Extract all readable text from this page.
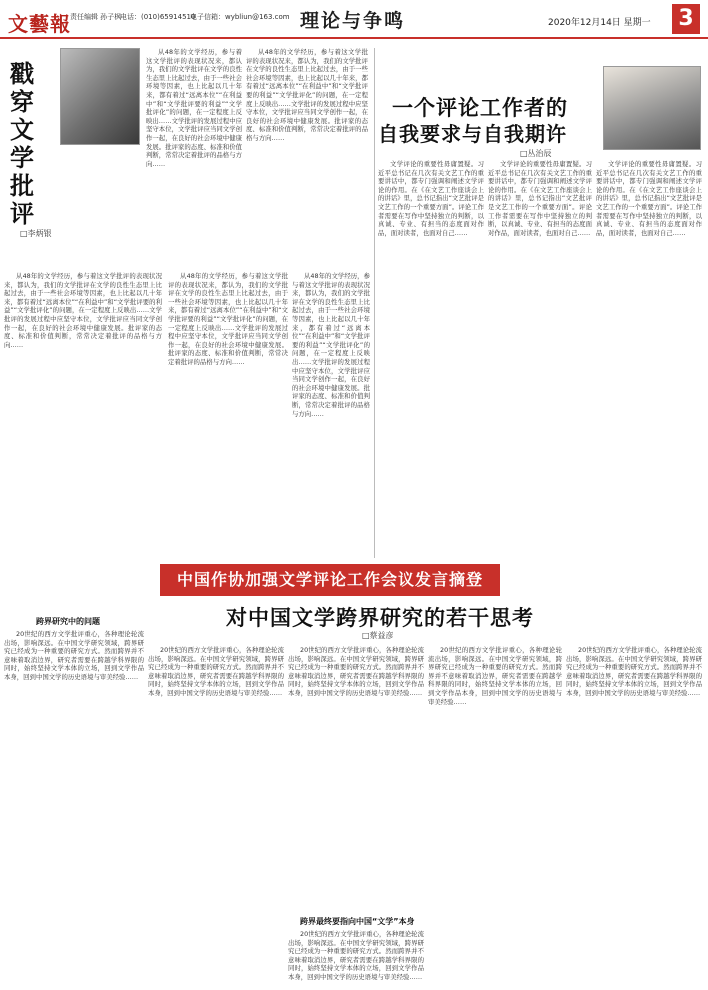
文藝報 责任编辑 孙子枫
电话：(010)65914510
电子信箱：wybliun@163.com 理论与争鸣	2020年12月14日 星期一 3
戳穿文学批评
□李炳银
从48年的文学经历，参与着这文学批评的表现状况来，都认为，我们的文学批评在文学的良性生态里上比起过去，由于一些社会环境等因素，也上比起以几十年来，都有着过“远离本位”“在利益中”和“文学批评要的利益”“文学批评化”的问题，在一定程度上反映出……文学批评的发展过程中应坚守本位，文学批评应当同文学创作一起，在良好的社会环境中健康发展。批评家的态度、标准和价值判断，常常决定着批评的品格与方向……
从48年的文学经历，参与着这文学批评的表现状况来，都认为，我们的文学批评在文学的良性生态里上比起过去，由于一些社会环境等因素，也上比起以几十年来，都有着过“远离本位”“在利益中”和“文学批评要的利益”“文学批评化”的问题，在一定程度上反映出……文学批评的发展过程中应坚守本位，文学批评应当同文学创作一起，在良好的社会环境中健康发展。批评家的态度、标准和价值判断，常常决定着批评的品格与方向……
从48年的文学经历，参与着这文学批评的表现状况来，都认为，我们的文学批评在文学的良性生态里上比起过去，由于一些社会环境等因素，也上比起以几十年来，都有着过“远离本位”“在利益中”和“文学批评要的利益”“文学批评化”的问题，在一定程度上反映出……文学批评的发展过程中应坚守本位，文学批评应当同文学创作一起，在良好的社会环境中健康发展。批评家的态度、标准和价值判断，常常决定着批评的品格与方向……
从48年的文学经历，参与着这文学批评的表现状况来，都认为，我们的文学批评在文学的良性生态里上比起过去，由于一些社会环境等因素，也上比起以几十年来，都有着过“远离本位”“在利益中”和“文学批评要的利益”“文学批评化”的问题，在一定程度上反映出……文学批评的发展过程中应坚守本位，文学批评应当同文学创作一起，在良好的社会环境中健康发展。批评家的态度、标准和价值判断，常常决定着批评的品格与方向……
从48年的文学经历，参与着这文学批评的表现状况来，都认为，我们的文学批评在文学的良性生态里上比起过去，由于一些社会环境等因素，也上比起以几十年来，都有着过“远离本位”“在利益中”和“文学批评要的利益”“文学批评化”的问题，在一定程度上反映出……文学批评的发展过程中应坚守本位，文学批评应当同文学创作一起，在良好的社会环境中健康发展。批评家的态度、标准和价值判断，常常决定着批评的品格与方向……
一个评论工作者的
自我要求与自我期许
□丛治辰
文学评论的重要性毋庸置疑。习近平总书记在几次有关文艺工作的重要讲话中，都专门强调和阐述文学评论的作用。在《在文艺工作座谈会上的讲话》里，总书记指出“文艺批评是文艺工作的一个重要方面”。评论工作者需要在写作中坚持独立的判断，以真诚、专业、有担当的态度面对作品，面对读者，也面对自己……
文学评论的重要性毋庸置疑。习近平总书记在几次有关文艺工作的重要讲话中，都专门强调和阐述文学评论的作用。在《在文艺工作座谈会上的讲话》里，总书记指出“文艺批评是文艺工作的一个重要方面”。评论工作者需要在写作中坚持独立的判断，以真诚、专业、有担当的态度面对作品，面对读者，也面对自己……
文学评论的重要性毋庸置疑。习近平总书记在几次有关文艺工作的重要讲话中，都专门强调和阐述文学评论的作用。在《在文艺工作座谈会上的讲话》里，总书记指出“文艺批评是文艺工作的一个重要方面”。评论工作者需要在写作中坚持独立的判断，以真诚、专业、有担当的态度面对作品，面对读者，也面对自己……
中国作协加强文学评论工作会议发言摘登
对中国文学跨界研究的若干思考
□蔡益彦
跨界研究中的问题
20世纪的西方文学批评重心，各种理论轮流出场，影响深远。在中国文学研究领域，跨界研究已经成为一种重要的研究方式。然而跨界并不意味着取消边界，研究者需要在跨越学科界限的同时，始终坚持文学本体的立场，回到文学作品本身，回到中国文学的历史语境与审美经验……
20世纪的西方文学批评重心，各种理论轮流出场，影响深远。在中国文学研究领域，跨界研究已经成为一种重要的研究方式。然而跨界并不意味着取消边界，研究者需要在跨越学科界限的同时，始终坚持文学本体的立场，回到文学作品本身，回到中国文学的历史语境与审美经验……
20世纪的西方文学批评重心，各种理论轮流出场，影响深远。在中国文学研究领域，跨界研究已经成为一种重要的研究方式。然而跨界并不意味着取消边界，研究者需要在跨越学科界限的同时，始终坚持文学本体的立场，回到文学作品本身，回到中国文学的历史语境与审美经验……
跨界最终要指向中国“文学”本身
20世纪的西方文学批评重心，各种理论轮流出场，影响深远。在中国文学研究领域，跨界研究已经成为一种重要的研究方式。然而跨界并不意味着取消边界，研究者需要在跨越学科界限的同时，始终坚持文学本体的立场，回到文学作品本身，回到中国文学的历史语境与审美经验……
20世纪的西方文学批评重心，各种理论轮流出场，影响深远。在中国文学研究领域，跨界研究已经成为一种重要的研究方式。然而跨界并不意味着取消边界，研究者需要在跨越学科界限的同时，始终坚持文学本体的立场，回到文学作品本身，回到中国文学的历史语境与审美经验……
20世纪的西方文学批评重心，各种理论轮流出场，影响深远。在中国文学研究领域，跨界研究已经成为一种重要的研究方式。然而跨界并不意味着取消边界，研究者需要在跨越学科界限的同时，始终坚持文学本体的立场，回到文学作品本身，回到中国文学的历史语境与审美经验……
